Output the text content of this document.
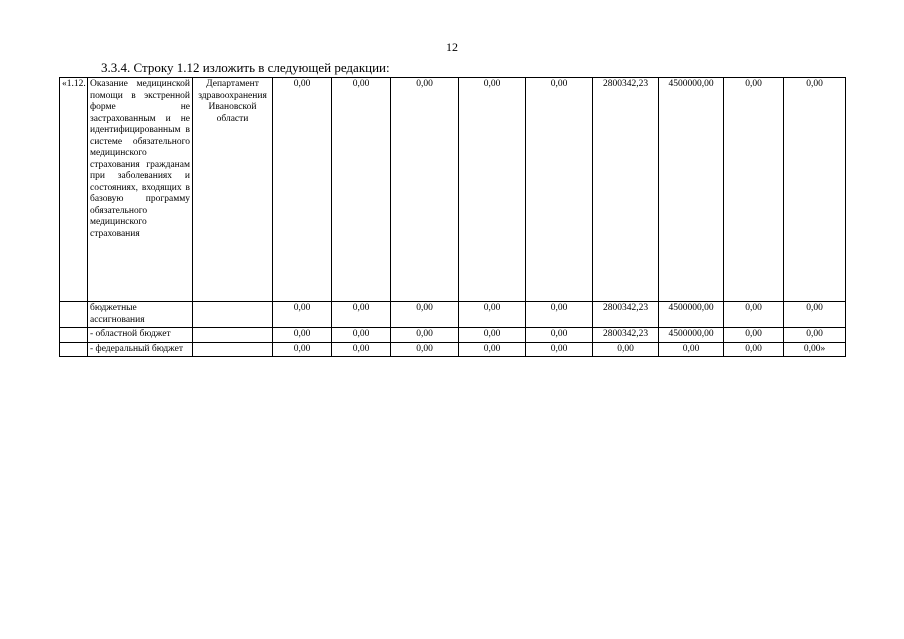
12
3.3.4. Строку 1.12 изложить в следующей редакции:
«1.12.	Оказание медицинской помощи в экстренной форме не застрахованным и не идентифицированным в системе обязательного медицинского страхования гражданам при заболеваниях и состояниях, входящих в базовую программу обязательного медицинского страхования	Департамент здравоохранения Ивановской области	0,00	0,00	0,00	0,00	0,00	2800342,23	4500000,00	0,00	0,00
	бюджетные ассигнования		0,00	0,00	0,00	0,00	0,00	2800342,23	4500000,00	0,00	0,00
	- областной бюджет		0,00	0,00	0,00	0,00	0,00	2800342,23	4500000,00	0,00	0,00
	- федеральный бюджет		0,00	0,00	0,00	0,00	0,00	0,00	0,00	0,00	0,00»
